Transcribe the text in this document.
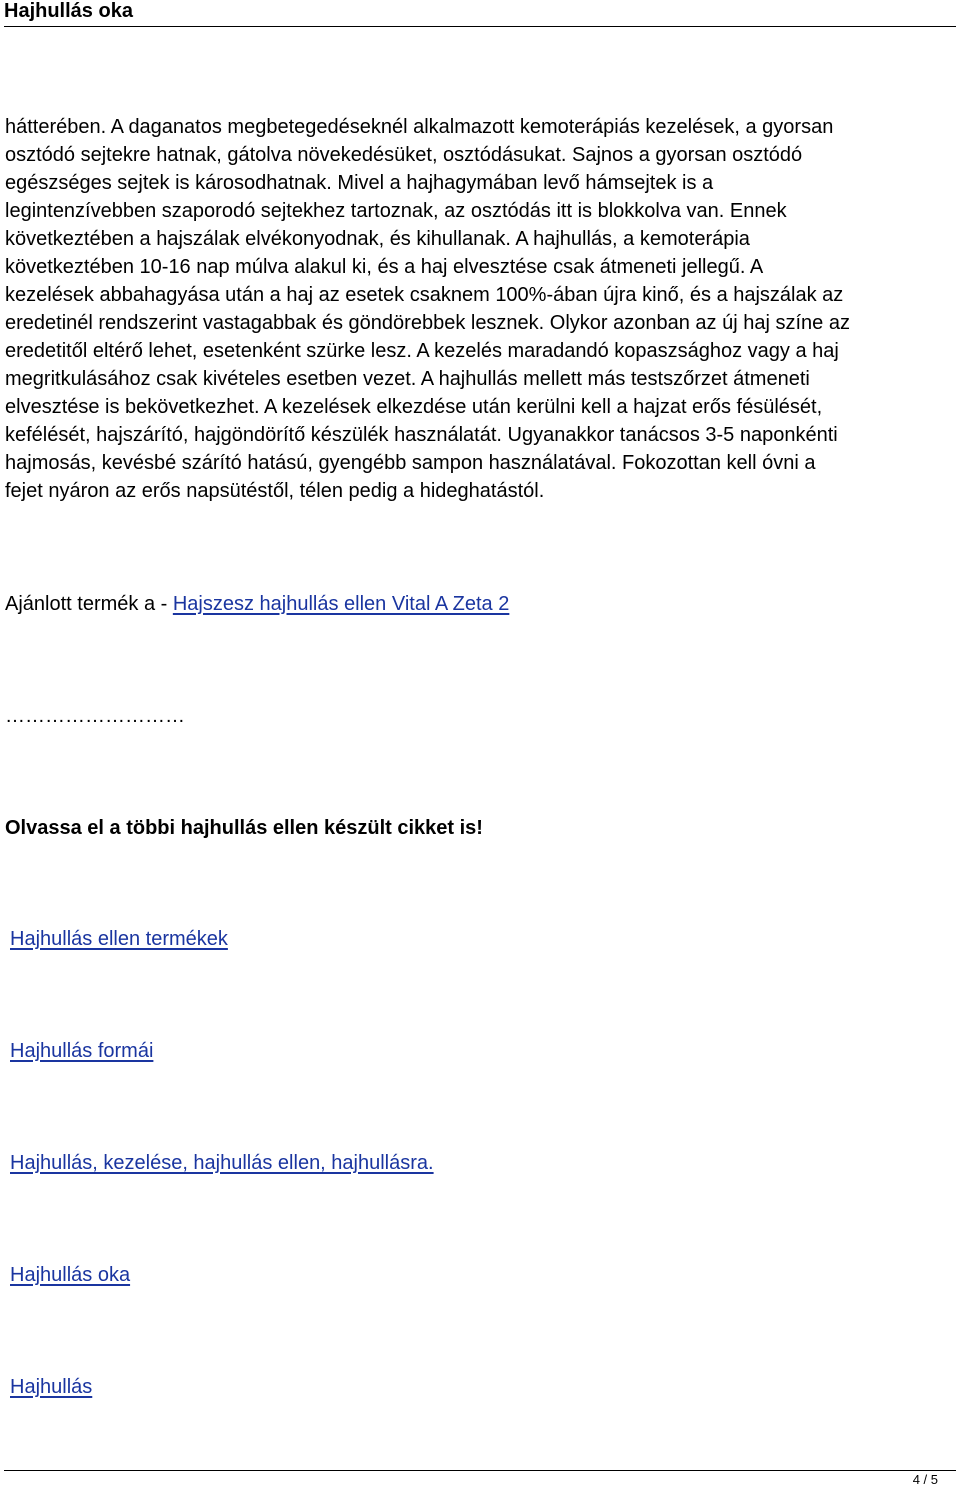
Hajhullás oka
hátterében. A daganatos megbetegedéseknél alkalmazott kemoterápiás kezelések, a gyorsan
osztódó sejtekre hatnak, gátolva növekedésüket, osztódásukat. Sajnos a gyorsan osztódó
egészséges sejtek is károsodhatnak. Mivel a hajhagymában levő hámsejtek is a
legintenzívebben szaporodó sejtekhez tartoznak, az osztódás itt is blokkolva van. Ennek
következtében a hajszálak elvékonyodnak, és kihullanak. A hajhullás, a kemoterápia
következtében 10-16 nap múlva alakul ki, és a haj elvesztése csak átmeneti jellegű. A
kezelések abbahagyása után a haj az esetek csaknem 100%-ában újra kinő, és a hajszálak az
eredetinél rendszerint vastagabbak és göndörebbek lesznek. Olykor azonban az új haj színe az
eredetitől eltérő lehet, esetenként szürke lesz. A kezelés maradandó kopaszsághoz vagy a haj
megritkulásához csak kivételes esetben vezet. A hajhullás mellett más testszőrzet átmeneti
elvesztése is bekövetkezhet. A kezelések elkezdése után kerülni kell a hajzat erős fésülését,
kefélését, hajszárító, hajgöndörítő készülék használatát. Ugyanakkor tanácsos 3-5 naponkénti
hajmosás, kevésbé szárító hatású, gyengébb sampon használatával. Fokozottan kell óvni a
fejet nyáron az erős napsütéstől, télen pedig a hideghatástól.
Ajánlott termék a - Hajszesz hajhullás ellen Vital A Zeta 2
………………………
Olvassa el a többi hajhullás ellen készült cikket is!
Hajhullás ellen termékek
Hajhullás formái
Hajhullás, kezelése, hajhullás ellen, hajhullásra.
Hajhullás oka
Hajhullás
4 / 5
